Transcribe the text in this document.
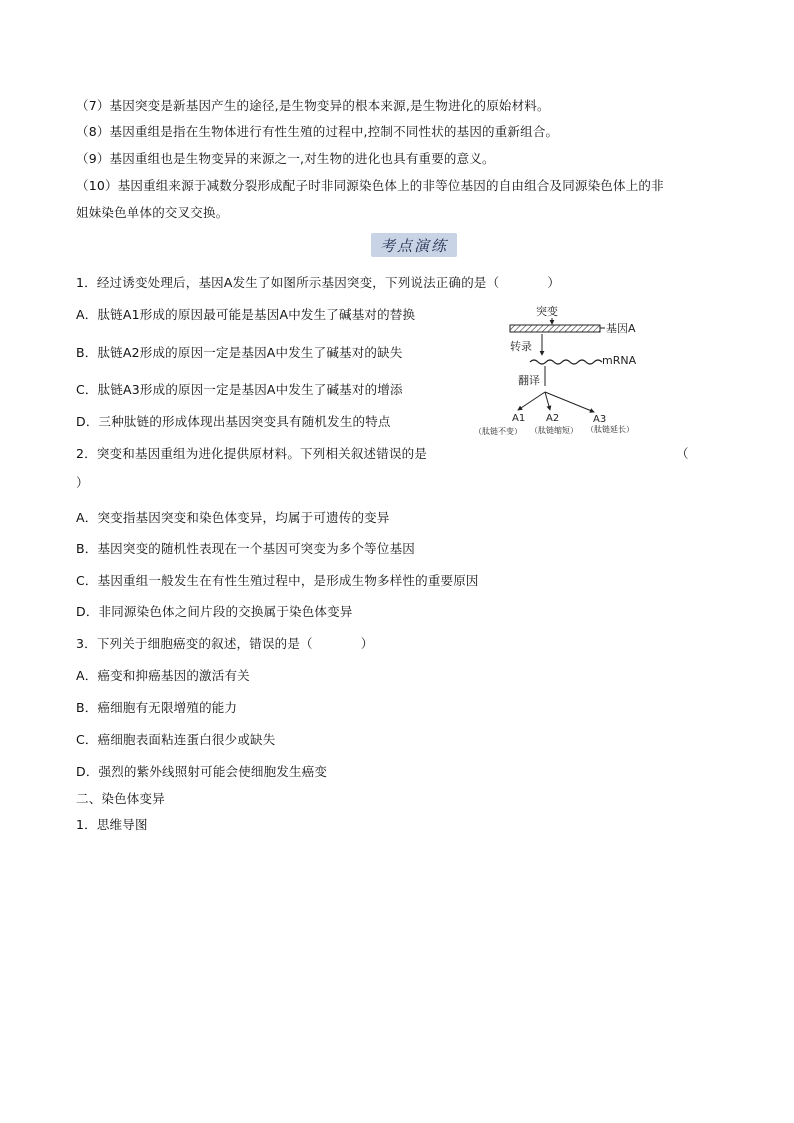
（7）基因突变是新基因产生的途径,是生物变异的根本来源,是生物进化的原始材料。
（8）基因重组是指在生物体进行有性生殖的过程中,控制不同性状的基因的重新组合。
（9）基因重组也是生物变异的来源之一,对生物的进化也具有重要的意义。
（10）基因重组来源于减数分裂形成配子时非同源染色体上的非等位基因的自由组合及同源染色体上的非
姐妹染色单体的交叉交换。
考点演练
1．经过诱变处理后，基因A发生了如图所示基因突变，下列说法正确的是（	）
A．肽链A1形成的原因最可能是基因A中发生了碱基对的替换
B．肽链A2形成的原因一定是基因A中发生了碱基对的缺失
C．肽链A3形成的原因一定是基因A中发生了碱基对的增添
D．三种肽链的形成体现出基因突变具有随机发生的特点
突变
基因A
转录
mRNA
翻译
A1 A2	A3
（肽链不变） （肽链缩短） （肽链延长）
2．突变和基因重组为进化提供原材料。下列相关叙述错误的是	（
）
A．突变指基因突变和染色体变异，均属于可遗传的变异
B．基因突变的随机性表现在一个基因可突变为多个等位基因
C．基因重组一般发生在有性生殖过程中，是形成生物多样性的重要原因
D．非同源染色体之间片段的交换属于染色体变异
3．下列关于细胞癌变的叙述，错误的是（	）
A．癌变和抑癌基因的激活有关
B．癌细胞有无限增殖的能力
C．癌细胞表面粘连蛋白很少或缺失
D．强烈的紫外线照射可能会使细胞发生癌变
二、染色体变异
1．思维导图
